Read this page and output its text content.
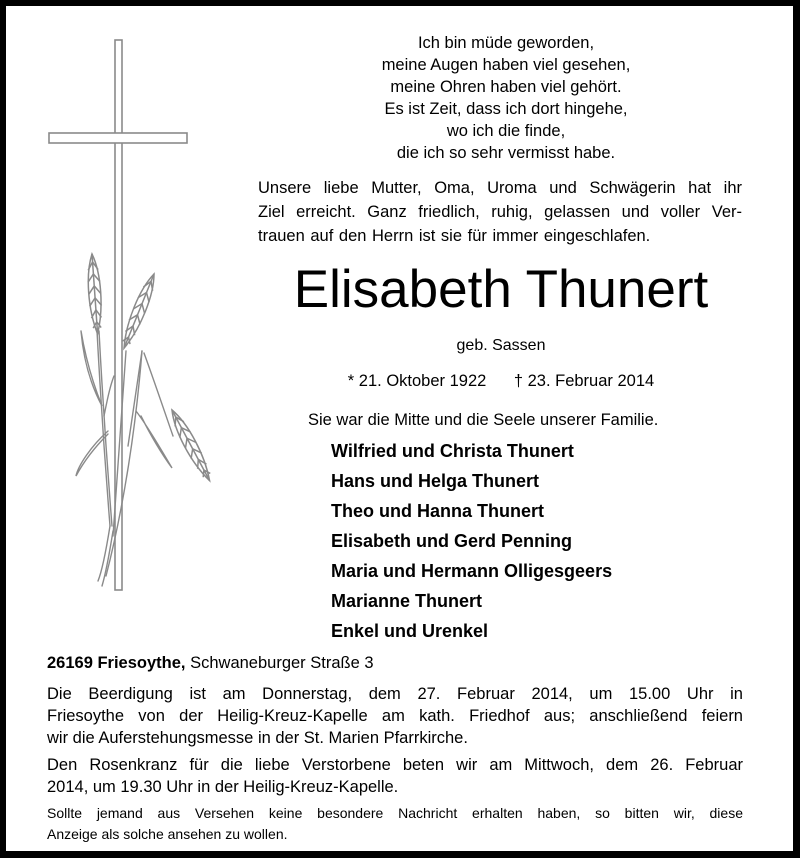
Ich bin müde geworden,
meine Augen haben viel gesehen,
meine Ohren haben viel gehört.
Es ist Zeit, dass ich dort hingehe,
wo ich die finde,
die ich so sehr vermisst habe.
Unsere liebe Mutter, Oma, Uroma und Schwägerin hat ihr
Ziel erreicht. Ganz friedlich, ruhig, gelassen und voller Ver-
trauen auf den Herrn ist sie für immer eingeschlafen.
Elisabeth Thunert
geb. Sassen
* 21. Oktober 1922 † 23. Februar 2014
Sie war die Mitte und die Seele unserer Familie.
Wilfried und Christa Thunert
Hans und Helga Thunert
Theo und Hanna Thunert
Elisabeth und Gerd Penning
Maria und Hermann Olligesgeers
Marianne Thunert
Enkel und Urenkel
26169 Friesoythe, Schwaneburger Straße 3
Die Beerdigung ist am Donnerstag, dem 27. Februar 2014, um 15.00 Uhr in
Friesoythe von der Heilig-Kreuz-Kapelle am kath. Friedhof aus; anschließend feiern
wir die Auferstehungsmesse in der St. Marien Pfarrkirche.
Den Rosenkranz für die liebe Verstorbene beten wir am Mittwoch, dem 26. Februar
2014, um 19.30 Uhr in der Heilig-Kreuz-Kapelle.
Sollte jemand aus Versehen keine besondere Nachricht erhalten haben, so bitten wir, diese
Anzeige als solche ansehen zu wollen.
